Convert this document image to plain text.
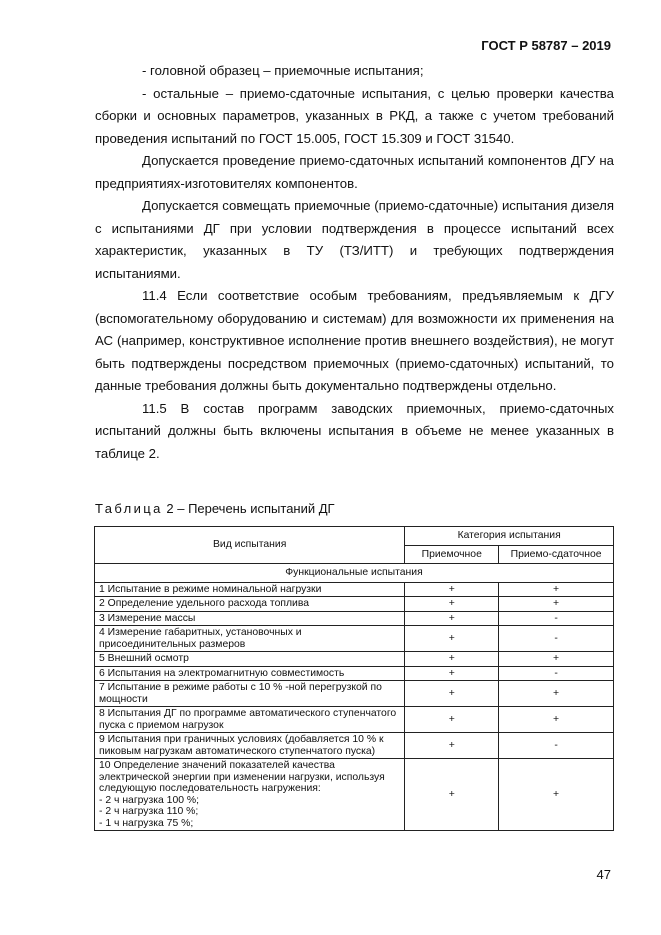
ГОСТ Р 58787 – 2019

- головной образец – приемочные испытания;

- остальные – приемо-сдаточные испытания, с целью проверки качества сборки и основных параметров, указанных в РКД, а также с учетом требований проведения испытаний по ГОСТ 15.005, ГОСТ 15.309 и ГОСТ 31540.

Допускается проведение приемо-сдаточных испытаний компонентов ДГУ на предприятиях-изготовителях компонентов.

Допускается совмещать приемочные (приемо-сдаточные) испытания дизеля с испытаниями ДГ при условии подтверждения в процессе испытаний всех характеристик, указанных в ТУ (ТЗ/ИТТ) и требующих подтверждения испытаниями.

11.4 Если соответствие особым требованиям, предъявляемым к ДГУ (вспомогательному оборудованию и системам) для возможности их применения на АС (например, конструктивное исполнение против внешнего воздействия), не могут быть подтверждены посредством приемочных (приемо-сдаточных) испытаний, то данные требования должны быть документально подтверждены отдельно.

11.5 В состав программ заводских приемочных, приемо-сдаточных испытаний должны быть включены испытания в объеме не менее указанных в таблице 2.

Таблица 2 – Перечень испытаний ДГ
Вид испытания	Категория испытания	
	Приемочное	Приемо-сдаточное
Функциональные испытания		
1 Испытание в режиме номинальной нагрузки	+	+
2 Определение удельного расхода топлива	+	+
3 Измерение массы	+	-
4 Измерение габаритных, установочных и присоединительных размеров	+	-
5 Внешний осмотр	+	+
6 Испытания на электромагнитную совместимость	+	-
7 Испытание в режиме работы с 10 % -ной перегрузкой по мощности	+	+
8 Испытания ДГ по программе автоматического ступенчатого пуска с приемом нагрузок	+	+
9 Испытания при граничных условиях (добавляется 10 % к пиковым нагрузкам автоматического ступенчатого пуска)	+	-
10 Определение значений показателей качества электрической энергии при изменении нагрузки, используя следующую последовательность нагружения:
- 2 ч нагрузка 100 %;
- 2 ч нагрузка 110 %;
- 1 ч нагрузка 75 %;	+	+
47
